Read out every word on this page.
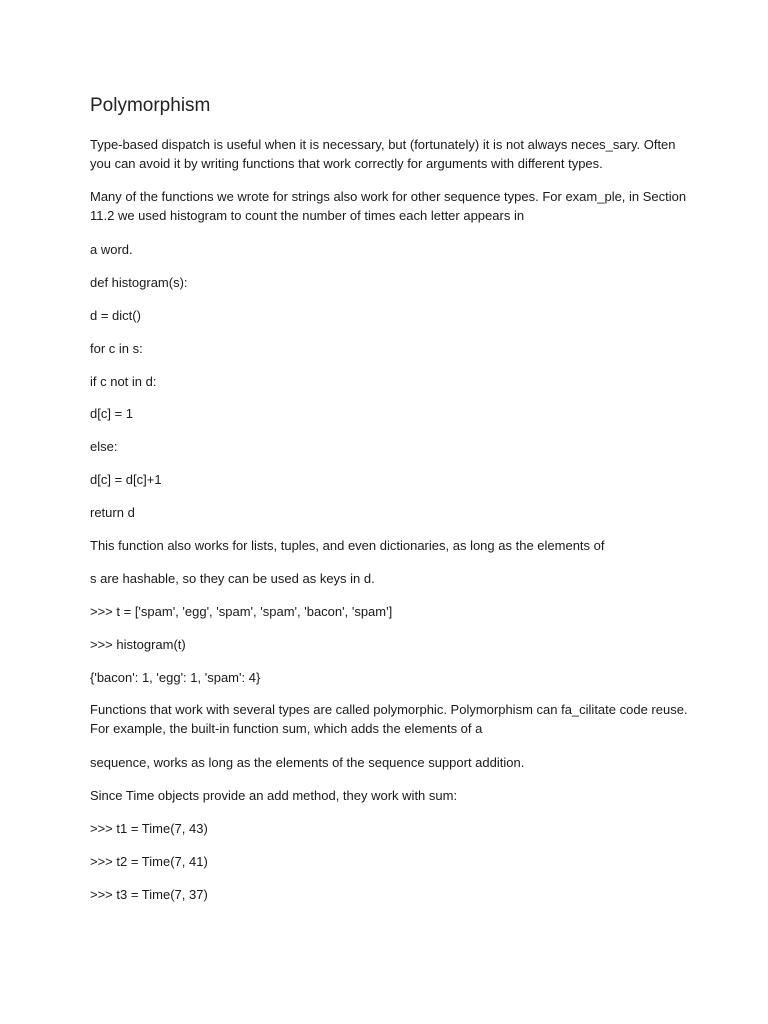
Polymorphism
Type-based dispatch is useful when it is necessary, but (fortunately) it is not always neces_sary. Often
you can avoid it by writing functions that work correctly for arguments with different types.
Many of the functions we wrote for strings also work for other sequence types. For exam_ple, in Section
11.2 we used histogram to count the number of times each letter appears in
a word.
def histogram(s):
d = dict()
for c in s:
if c not in d:
d[c] = 1
else:
d[c] = d[c]+1
return d
This function also works for lists, tuples, and even dictionaries, as long as the elements of
s are hashable, so they can be used as keys in d.
>>> t = ['spam', 'egg', 'spam', 'spam', 'bacon', 'spam']
>>> histogram(t)
{'bacon': 1, 'egg': 1, 'spam': 4}
Functions that work with several types are called polymorphic. Polymorphism can fa_cilitate code reuse.
For example, the built-in function sum, which adds the elements of a
sequence, works as long as the elements of the sequence support addition.
Since Time objects provide an add method, they work with sum:
>>> t1 = Time(7, 43)
>>> t2 = Time(7, 41)
>>> t3 = Time(7, 37)
